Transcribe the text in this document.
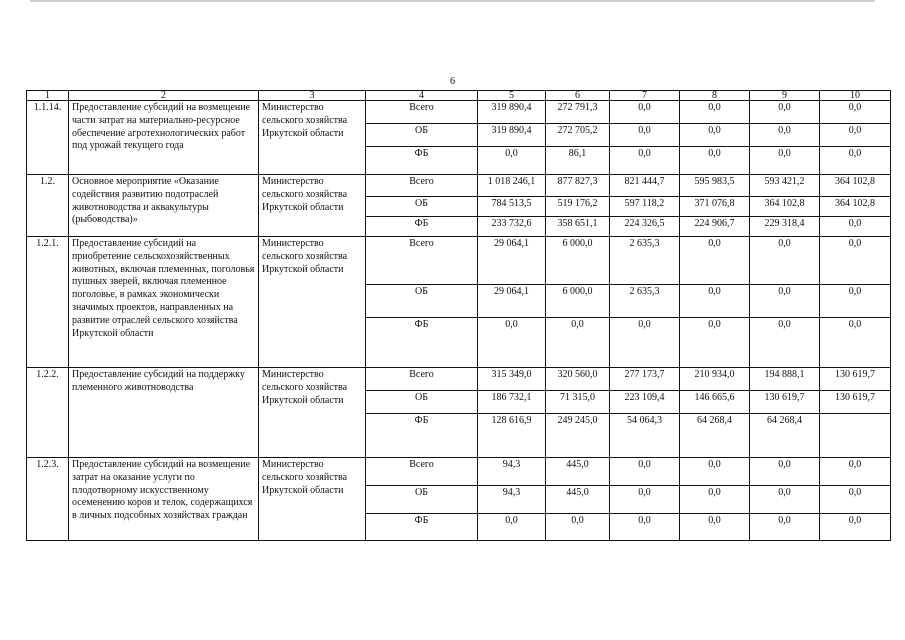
6
1	2	3	4	5	6	7	8	9	10
1.1.14.	Предоставление субсидий на возмещение части затрат на материально-ресурсное обеспечение агротехнологических работ под урожай текущего года	Министерство сельского хозяйства Иркутской области	Всего	319 890,4	272 791,3	0,0	0,0	0,0	0,0
			ОБ	319 890,4	272 705,2	0,0	0,0	0,0	0,0
			ФБ	0,0	86,1	0,0	0,0	0,0	0,0
1.2.	Основное мероприятие «Оказание содействия развитию подотраслей животноводства и аквакультуры (рыбоводства)»	Министерство сельского хозяйства Иркутской области	Всего	1 018 246,1	877 827,3	821 444,7	595 983,5	593 421,2	364 102,8
			ОБ	784 513,5	519 176,2	597 118,2	371 076,8	364 102,8	364 102,8
			ФБ	233 732,6	358 651,1	224 326,5	224 906,7	229 318,4	0,0
1.2.1.	Предоставление субсидий на приобретение сельскохозяйственных животных, включая племенных, поголовья пушных зверей, включая племенное поголовье, в рамках экономически значимых проектов, направленных на развитие отраслей сельского хозяйства Иркутской области	Министерство сельского хозяйства Иркутской области	Всего	29 064,1	6 000,0	2 635,3	0,0	0,0	0,0
			ОБ	29 064,1	6 000,0	2 635,3	0,0	0,0	0,0
			ФБ	0,0	0,0	0,0	0,0	0,0	0,0
1.2.2.	Предоставление субсидий на поддержку племенного животноводства	Министерство сельского хозяйства Иркутской области	Всего	315 349,0	320 560,0	277 173,7	210 934,0	194 888,1	130 619,7
			ОБ	186 732,1	71 315,0	223 109,4	146 665,6	130 619,7	130 619,7
			ФБ	128 616,9	249 245,0	54 064,3	64 268,4	64 268,4	
1.2.3.	Предоставление субсидий на возмещение затрат на оказание услуги по плодотворному искусственному осеменению коров и телок, содержащихся в личных подсобных хозяйствах граждан	Министерство сельского хозяйства Иркутской области	Всего	94,3	445,0	0,0	0,0	0,0	0,0
			ОБ	94,3	445,0	0,0	0,0	0,0	0,0
			ФБ	0,0	0,0	0,0	0,0	0,0	0,0
